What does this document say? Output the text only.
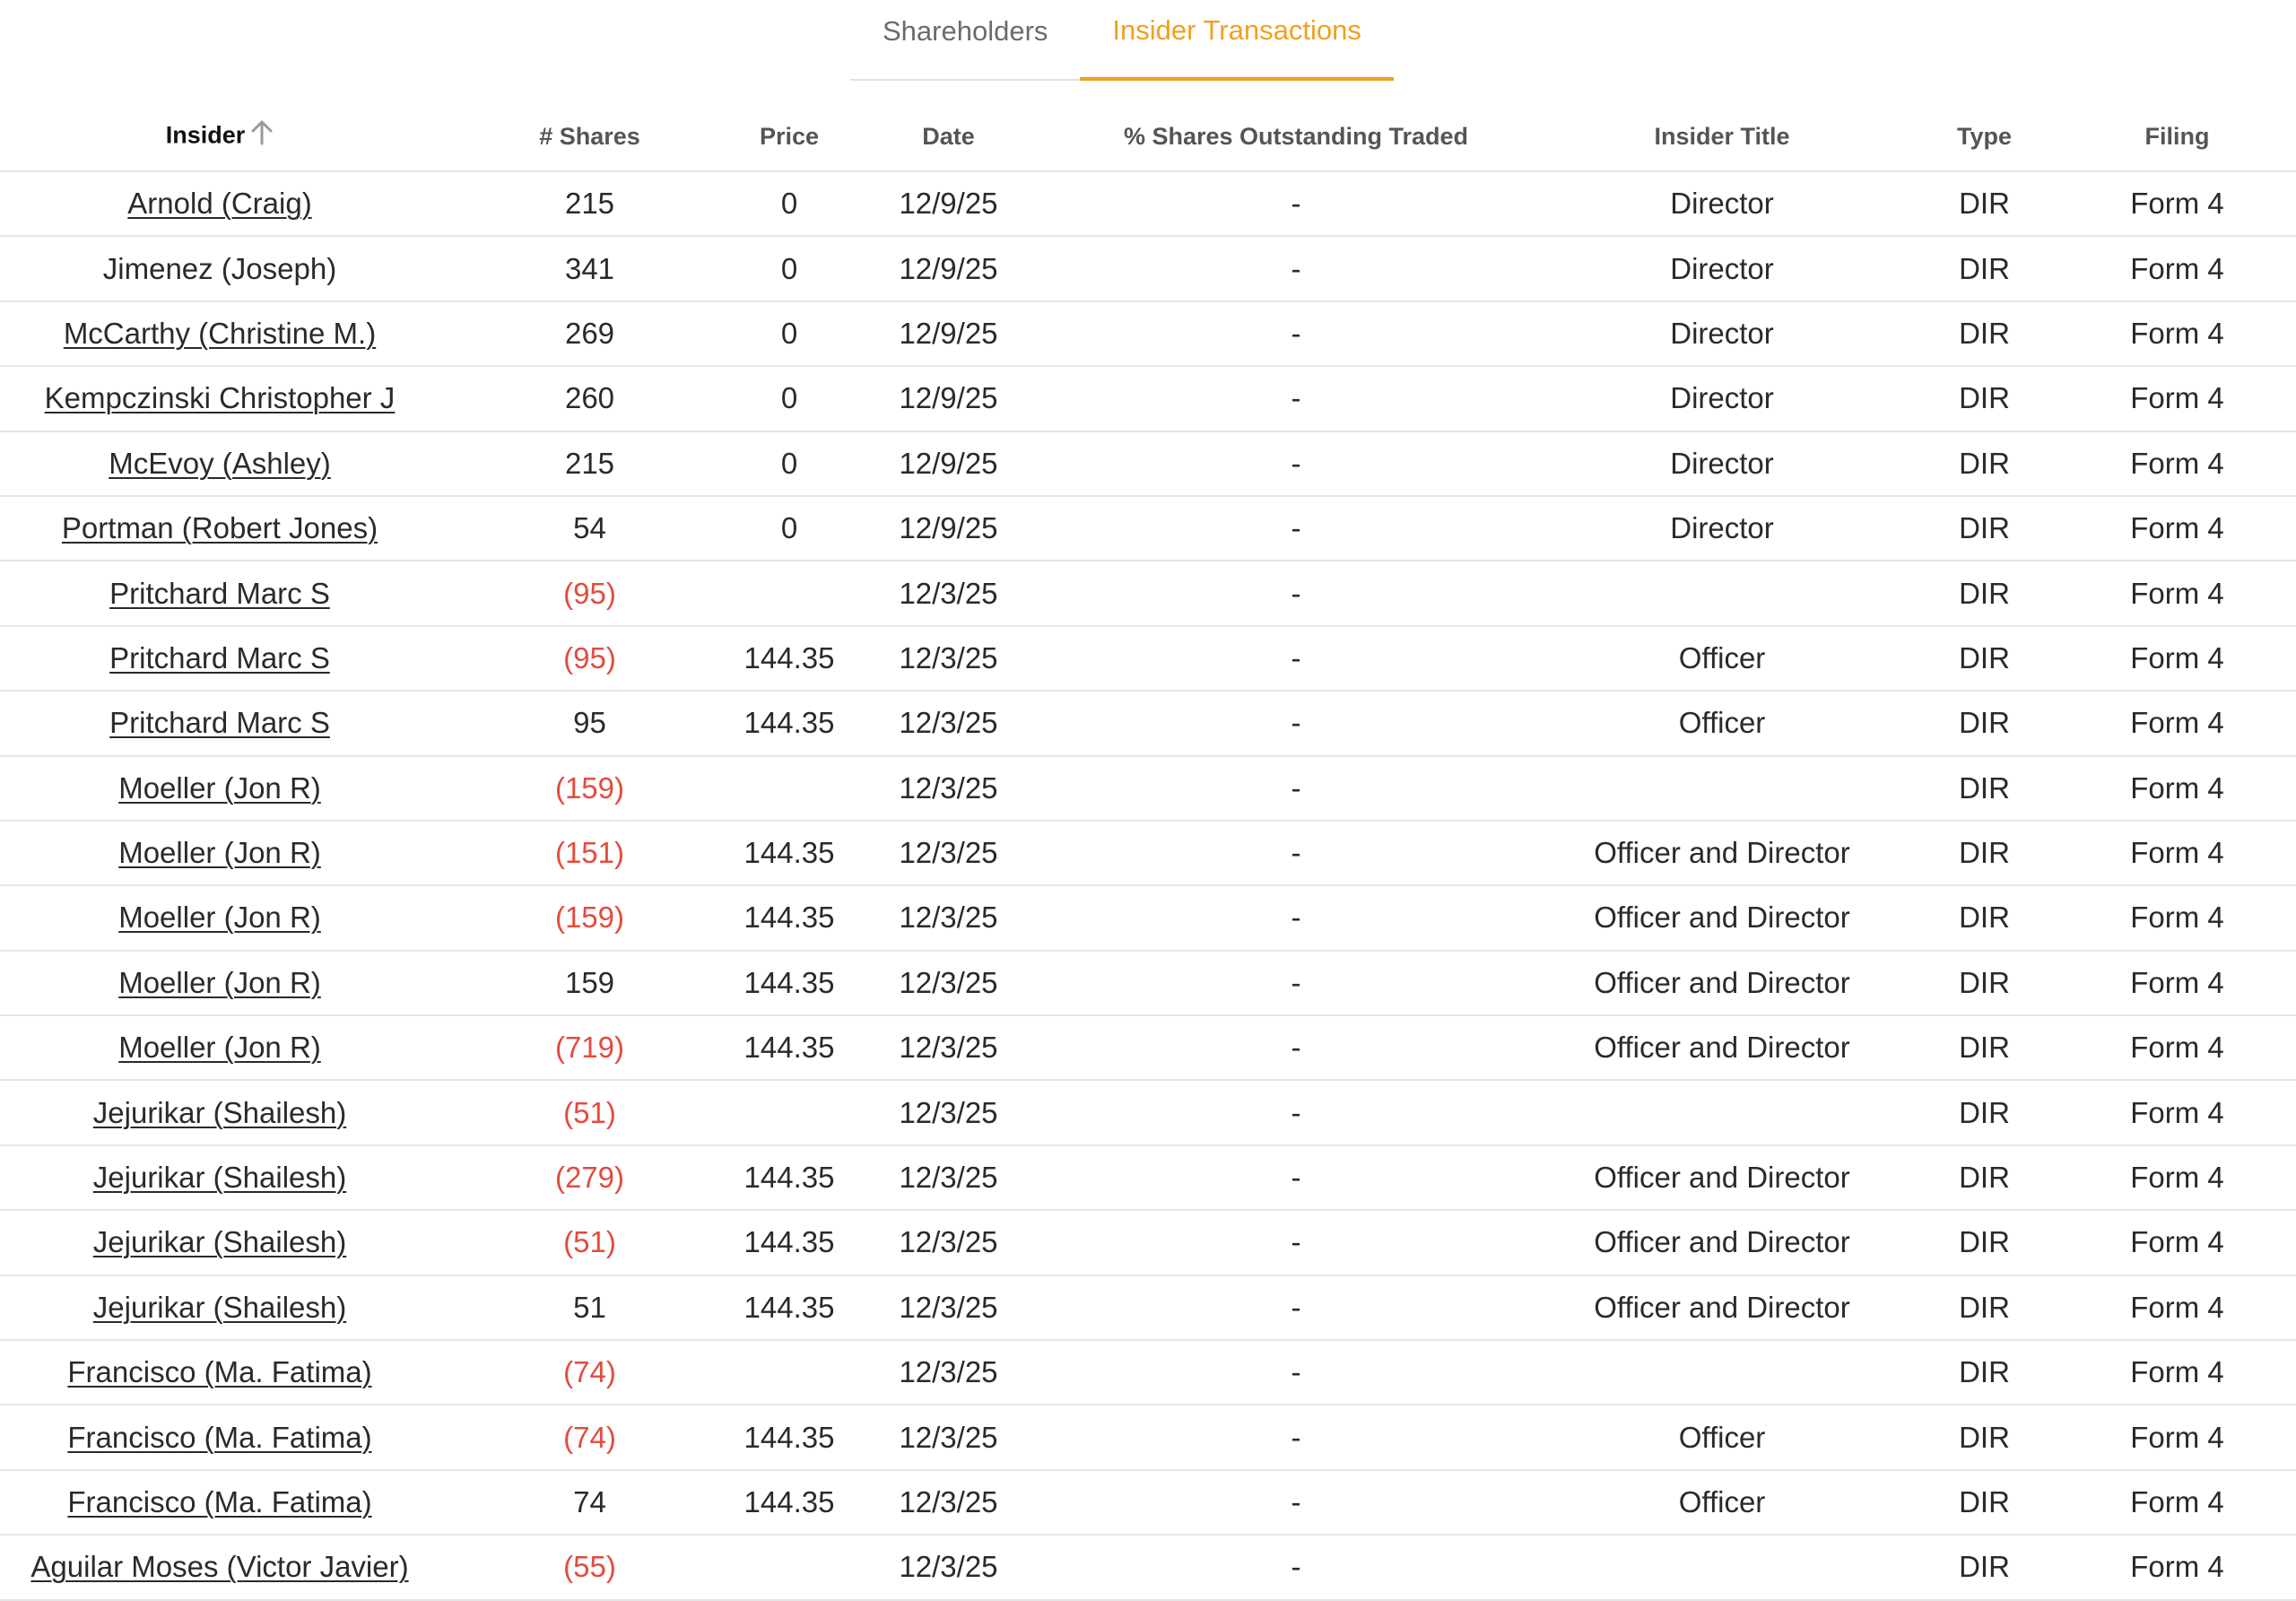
Shareholders Insider Transactions
Insider	# Shares	Price	Date	% Shares Outstanding Traded	Insider Title	Type	Filing
Arnold (Craig)	215	0	12/9/25	-	Director	DIR	Form 4
Jimenez (Joseph)	341	0	12/9/25	-	Director	DIR	Form 4
McCarthy (Christine M.)	269	0	12/9/25	-	Director	DIR	Form 4
Kempczinski Christopher J	260	0	12/9/25	-	Director	DIR	Form 4
McEvoy (Ashley)	215	0	12/9/25	-	Director	DIR	Form 4
Portman (Robert Jones)	54	0	12/9/25	-	Director	DIR	Form 4
Pritchard Marc S	(95)		12/3/25	-		DIR	Form 4
Pritchard Marc S	(95)	144.35	12/3/25	-	Officer	DIR	Form 4
Pritchard Marc S	95	144.35	12/3/25	-	Officer	DIR	Form 4
Moeller (Jon R)	(159)		12/3/25	-		DIR	Form 4
Moeller (Jon R)	(151)	144.35	12/3/25	-	Officer and Director	DIR	Form 4
Moeller (Jon R)	(159)	144.35	12/3/25	-	Officer and Director	DIR	Form 4
Moeller (Jon R)	159	144.35	12/3/25	-	Officer and Director	DIR	Form 4
Moeller (Jon R)	(719)	144.35	12/3/25	-	Officer and Director	DIR	Form 4
Jejurikar (Shailesh)	(51)		12/3/25	-		DIR	Form 4
Jejurikar (Shailesh)	(279)	144.35	12/3/25	-	Officer and Director	DIR	Form 4
Jejurikar (Shailesh)	(51)	144.35	12/3/25	-	Officer and Director	DIR	Form 4
Jejurikar (Shailesh)	51	144.35	12/3/25	-	Officer and Director	DIR	Form 4
Francisco (Ma. Fatima)	(74)		12/3/25	-		DIR	Form 4
Francisco (Ma. Fatima)	(74)	144.35	12/3/25	-	Officer	DIR	Form 4
Francisco (Ma. Fatima)	74	144.35	12/3/25	-	Officer	DIR	Form 4
Aguilar Moses (Victor Javier)	(55)		12/3/25	-		DIR	Form 4
